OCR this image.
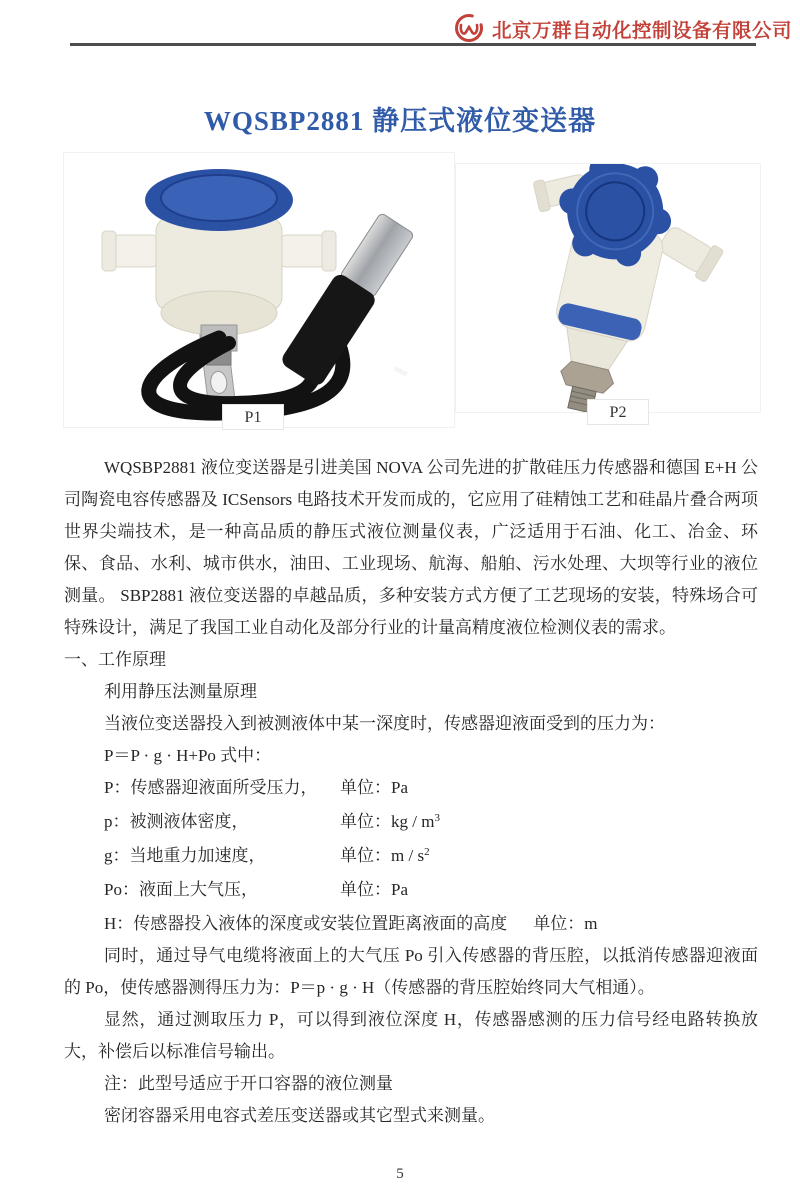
北京万群自动化控制设备有限公司
WQSBP2881 静压式液位变送器
P1	P2

WQSBP2881 液位变送器是引进美国 NOVA 公司先进的扩散硅压力传感器和德国 E+H 公司陶瓷电容传感器及 ICSensors 电路技术开发而成的，它应用了硅精蚀工艺和硅晶片叠合两项世界尖端技术，是一种高品质的静压式液位测量仪表，广泛适用于石油、化工、冶金、环保、食品、水利、城市供水，油田、工业现场、航海、船舶、污水处理、大坝等行业的液位测量。 SBP2881 液位变送器的卓越品质，多种安装方式方便了工艺现场的安装，特殊场合可特殊设计，满足了我国工业自动化及部分行业的计量高精度液位检测仪表的需求。

一、工作原理
利用静压法测量原理
当液位变送器投入到被测液体中某一深度时，传感器迎液面受到的压力为：
P＝P · g · H+Po 式中：
P：传感器迎液面所受压力， 单位：Pa
p：被测液体密度，	单位：kg / $m^3$
g：当地重力加速度，	单位：m / $s^2$
Po：液面上大气压，	单位：Pa
H：传感器投入液体的深度或安装位置距离液面的高度 单位：m

同时，通过导气电缆将液面上的大气压 Po 引入传感器的背压腔，以抵消传感器迎液面的 Po，使传感器测得压力为：P＝p · g · H（传感器的背压腔始终同大气相通）。

显然，通过测取压力 P，可以得到液位深度 H，传感器感测的压力信号经电路转换放大，补偿后以标准信号输出。

注：此型号适应于开口容器的液位测量
密闭容器采用电容式差压变送器或其它型式来测量。
5
